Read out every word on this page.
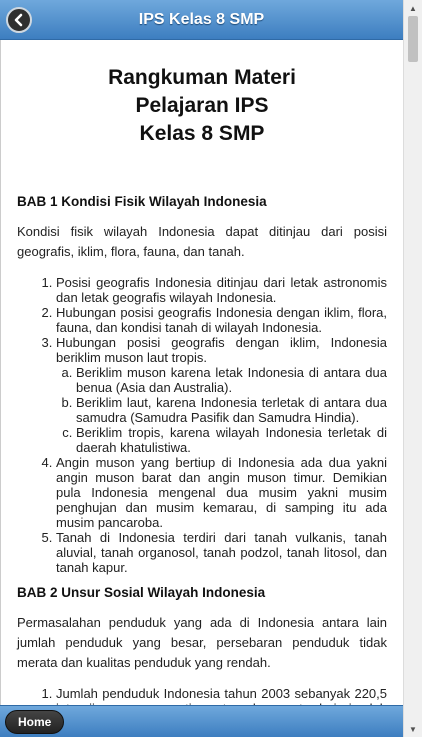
IPS Kelas 8 SMP
Rangkuman Materi
Pelajaran IPS
Kelas 8 SMP
BAB 1 Kondisi Fisik Wilayah Indonesia

Kondisi fisik wilayah Indonesia dapat ditinjau dari posisi geografis, iklim, flora, fauna, dan tanah.

1. Posisi geografis Indonesia ditinjau dari letak astronomis dan letak geografis wilayah Indonesia.
2. Hubungan posisi geografis Indonesia dengan iklim, flora, fauna, dan kondisi tanah di wilayah Indonesia.
3. Hubungan posisi geografis dengan iklim, Indonesia beriklim muson laut tropis.
a. Beriklim muson karena letak Indonesia di antara dua benua (Asia dan Australia).
b. Beriklim laut, karena Indonesia terletak di antara dua samudra (Samudra Pasifik dan Samudra Hindia).
c. Beriklim tropis, karena wilayah Indonesia terletak di daerah khatulistiwa.
4. Angin muson yang bertiup di Indonesia ada dua yakni angin muson barat dan angin muson timur. Demikian pula Indonesia mengenal dua musim yakni musim penghujan dan musim kemarau, di samping itu ada musim pancaroba.
5. Tanah di Indonesia terdiri dari tanah vulkanis, tanah aluvial, tanah organosol, tanah podzol, tanah litosol, dan tanah kapur.
BAB 2 Unsur Sosial Wilayah Indonesia

Permasalahan penduduk yang ada di Indonesia antara lain jumlah penduduk yang besar, persebaran penduduk tidak merata dan kualitas penduduk yang rendah.

1. Jumlah penduduk Indonesia tahun 2003 sebanyak 220,5
Home
▲
▼
